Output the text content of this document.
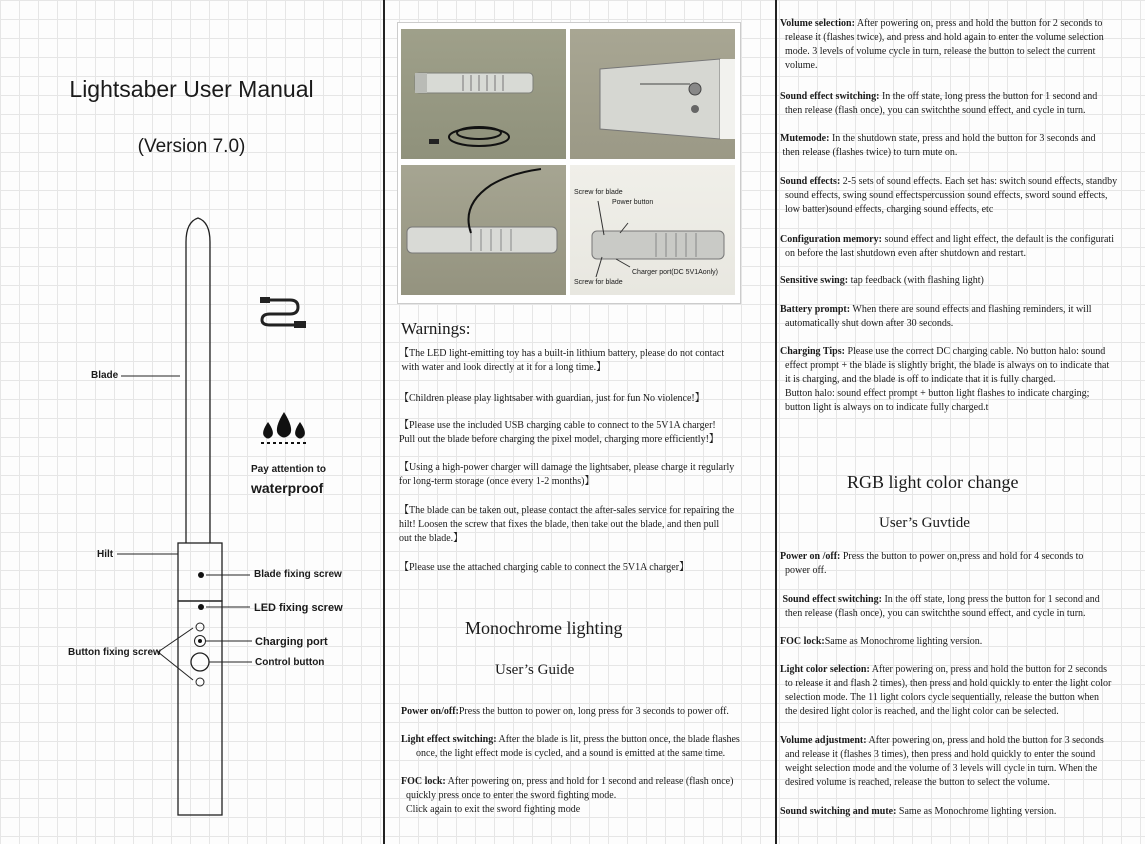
Lightsaber User Manual
(Version 7.0)
Blade
Hilt
Blade fixing screw
LED fixing screw
Charging port
Control button
Button fixing screw
Pay attention to
waterproof
Screw for blade
Power button
Charger port(DC 5V1Aonly)
Screw for blade
Warnings:
【The LED light-emitting toy has a built-in lithium battery, please do not contact
with water and look directly at it for a long time.】
【Children please play lightsaber with guardian, just for fun No violence!】
【Please use the included USB charging cable to connect to the 5V1A charger!
Pull out the blade before charging the pixel model, charging more efficiently!】
【Using a high-power charger will damage the lightsaber, please charge it regularly
for long-term storage (once every 1-2 months)】
【The blade can be taken out, please contact the after-sales service for repairing the
hilt! Loosen the screw that fixes the blade, then take out the blade, and then pull
out the blade.】
【Please use the attached charging cable to connect the 5V1A charger】
Monochrome lighting
User’s Guide
Power on/off:Press the button to power on, long press for 3 seconds to power off.
Light effect switching: After the blade is lit, press the button once, the blade flashes
once, the light effect mode is cycled, and a sound is emitted at the same time.
FOC lock: After powering on, press and hold for 1 second and release (flash once)
quickly press once to enter the sword fighting mode.
Click again to exit the sword fighting mode
Volume selection: After powering on, press and hold the button for 2 seconds to
release it (flashes twice), and press and hold again to enter the volume selection
mode. 3 levels of volume cycle in turn, release the button to select the current
volume.
Sound effect switching: In the off state, long press the button for 1 second and
then release (flash once), you can switchthe sound effect, and cycle in turn.
Mutemode: In the shutdown state, press and hold the button for 3 seconds and
then release (flashes twice) to turn mute on.
Sound effects: 2-5 sets of sound effects. Each set has: switch sound effects, standby
sound effects, swing sound effectspercussion sound effects, sword sound effects,
low batter)sound effects, charging sound effects, etc
Configuration memory: sound effect and light effect, the default is the configurati
on before the last shutdown even after shutdown and restart.
Sensitive swing: tap feedback (with flashing light)
Battery prompt: When there are sound effects and flashing reminders, it will
automatically shut down after 30 seconds.
Charging Tips: Please use the correct DC charging cable. No button halo: sound
effect prompt + the blade is slightly bright, the blade is always on to indicate that
it is charging, and the blade is off to indicate that it is fully charged.
Button halo: sound effect prompt + button light flashes to indicate charging;
button light is always on to indicate fully charged.t
RGB light color change
User’s Guvtide
Power on /off: Press the button to power on,press and hold for 4 seconds to
power off.
Sound effect switching: In the off state, long press the button for 1 second and
then release (flash once), you can switchthe sound effect, and cycle in turn.
FOC lock:Same as Monochrome lighting version.
Light color selection: After powering on, press and hold the button for 2 seconds
to release it and flash 2 times), then press and hold quickly to enter the light color
selection mode. The 11 light colors cycle sequentially, release the button when
the desired light color is reached, and the light color can be selected.
Volume adjustment: After powering on, press and hold the button for 3 seconds
and release it (flashes 3 times), then press and hold quickly to enter the sound
weight selection mode and the volume of 3 levels will cycle in turn. When the
desired volume is reached, release the button to select the volume.
Sound switching and mute: Same as Monochrome lighting version.
